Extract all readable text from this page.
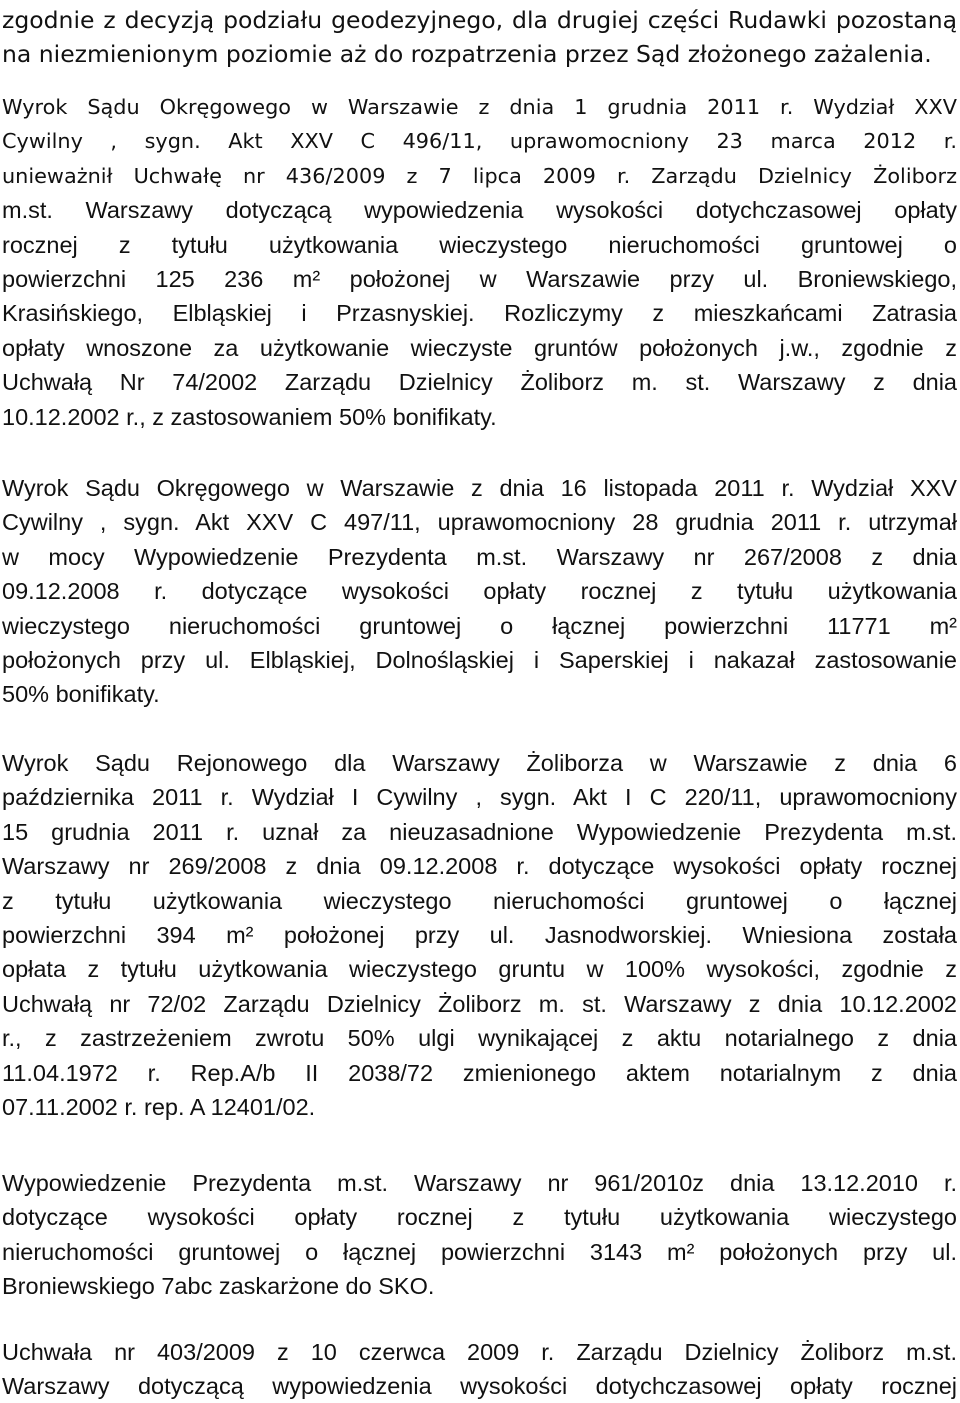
zgodnie z decyzją podziału geodezyjnego, dla drugiej części Rudawki pozostaną
na niezmienionym poziomie aż do rozpatrzenia przez Sąd złożonego zażalenia.
Wyrok Sądu Okręgowego w Warszawie z dnia 1 grudnia 2011 r. Wydział XXV
Cywilny , sygn. Akt XXV C 496/11, uprawomocniony 23 marca 2012 r.
unieważnił Uchwałę nr 436/2009 z 7 lipca 2009 r. Zarządu Dzielnicy Żoliborz
m.st. Warszawy dotyczącą wypowiedzenia wysokości dotychczasowej opłaty
rocznej z tytułu użytkowania wieczystego nieruchomości gruntowej o
powierzchni 125 236 m² położonej w Warszawie przy ul. Broniewskiego,
Krasińskiego, Elbląskiej i Przasnyskiej. Rozliczymy z mieszkańcami Zatrasia
opłaty wnoszone za użytkowanie wieczyste gruntów położonych j.w., zgodnie z
Uchwałą Nr 74/2002 Zarządu Dzielnicy Żoliborz m. st. Warszawy z dnia
10.12.2002 r., z zastosowaniem 50% bonifikaty.
Wyrok Sądu Okręgowego w Warszawie z dnia 16 listopada 2011 r. Wydział XXV
Cywilny , sygn. Akt XXV C 497/11, uprawomocniony 28 grudnia 2011 r. utrzymał
w mocy Wypowiedzenie Prezydenta m.st. Warszawy nr 267/2008 z dnia
09.12.2008 r. dotyczące wysokości opłaty rocznej z tytułu użytkowania
wieczystego nieruchomości gruntowej o łącznej powierzchni 11771 m²
położonych przy ul. Elbląskiej, Dolnośląskiej i Saperskiej i nakazał zastosowanie
50% bonifikaty.
Wyrok Sądu Rejonowego dla Warszawy Żoliborza w Warszawie z dnia 6
października 2011 r. Wydział I Cywilny , sygn. Akt I C 220/11, uprawomocniony
15 grudnia 2011 r. uznał za nieuzasadnione Wypowiedzenie Prezydenta m.st.
Warszawy nr 269/2008 z dnia 09.12.2008 r. dotyczące wysokości opłaty rocznej
z tytułu użytkowania wieczystego nieruchomości gruntowej o łącznej
powierzchni 394 m² położonej przy ul. Jasnodworskiej. Wniesiona została
opłata z tytułu użytkowania wieczystego gruntu w 100% wysokości, zgodnie z
Uchwałą nr 72/02 Zarządu Dzielnicy Żoliborz m. st. Warszawy z dnia 10.12.2002
r., z zastrzeżeniem zwrotu 50% ulgi wynikającej z aktu notarialnego z dnia
11.04.1972 r. Rep.A/b II 2038/72 zmienionego aktem notarialnym z dnia
07.11.2002 r. rep. A 12401/02.
Wypowiedzenie Prezydenta m.st. Warszawy nr 961/2010z dnia 13.12.2010 r.
dotyczące wysokości opłaty rocznej z tytułu użytkowania wieczystego
nieruchomości gruntowej o łącznej powierzchni 3143 m² położonych przy ul.
Broniewskiego 7abc zaskarżone do SKO.
Uchwała nr 403/2009 z 10 czerwca 2009 r. Zarządu Dzielnicy Żoliborz m.st.
Warszawy dotyczącą wypowiedzenia wysokości dotychczasowej opłaty rocznej
